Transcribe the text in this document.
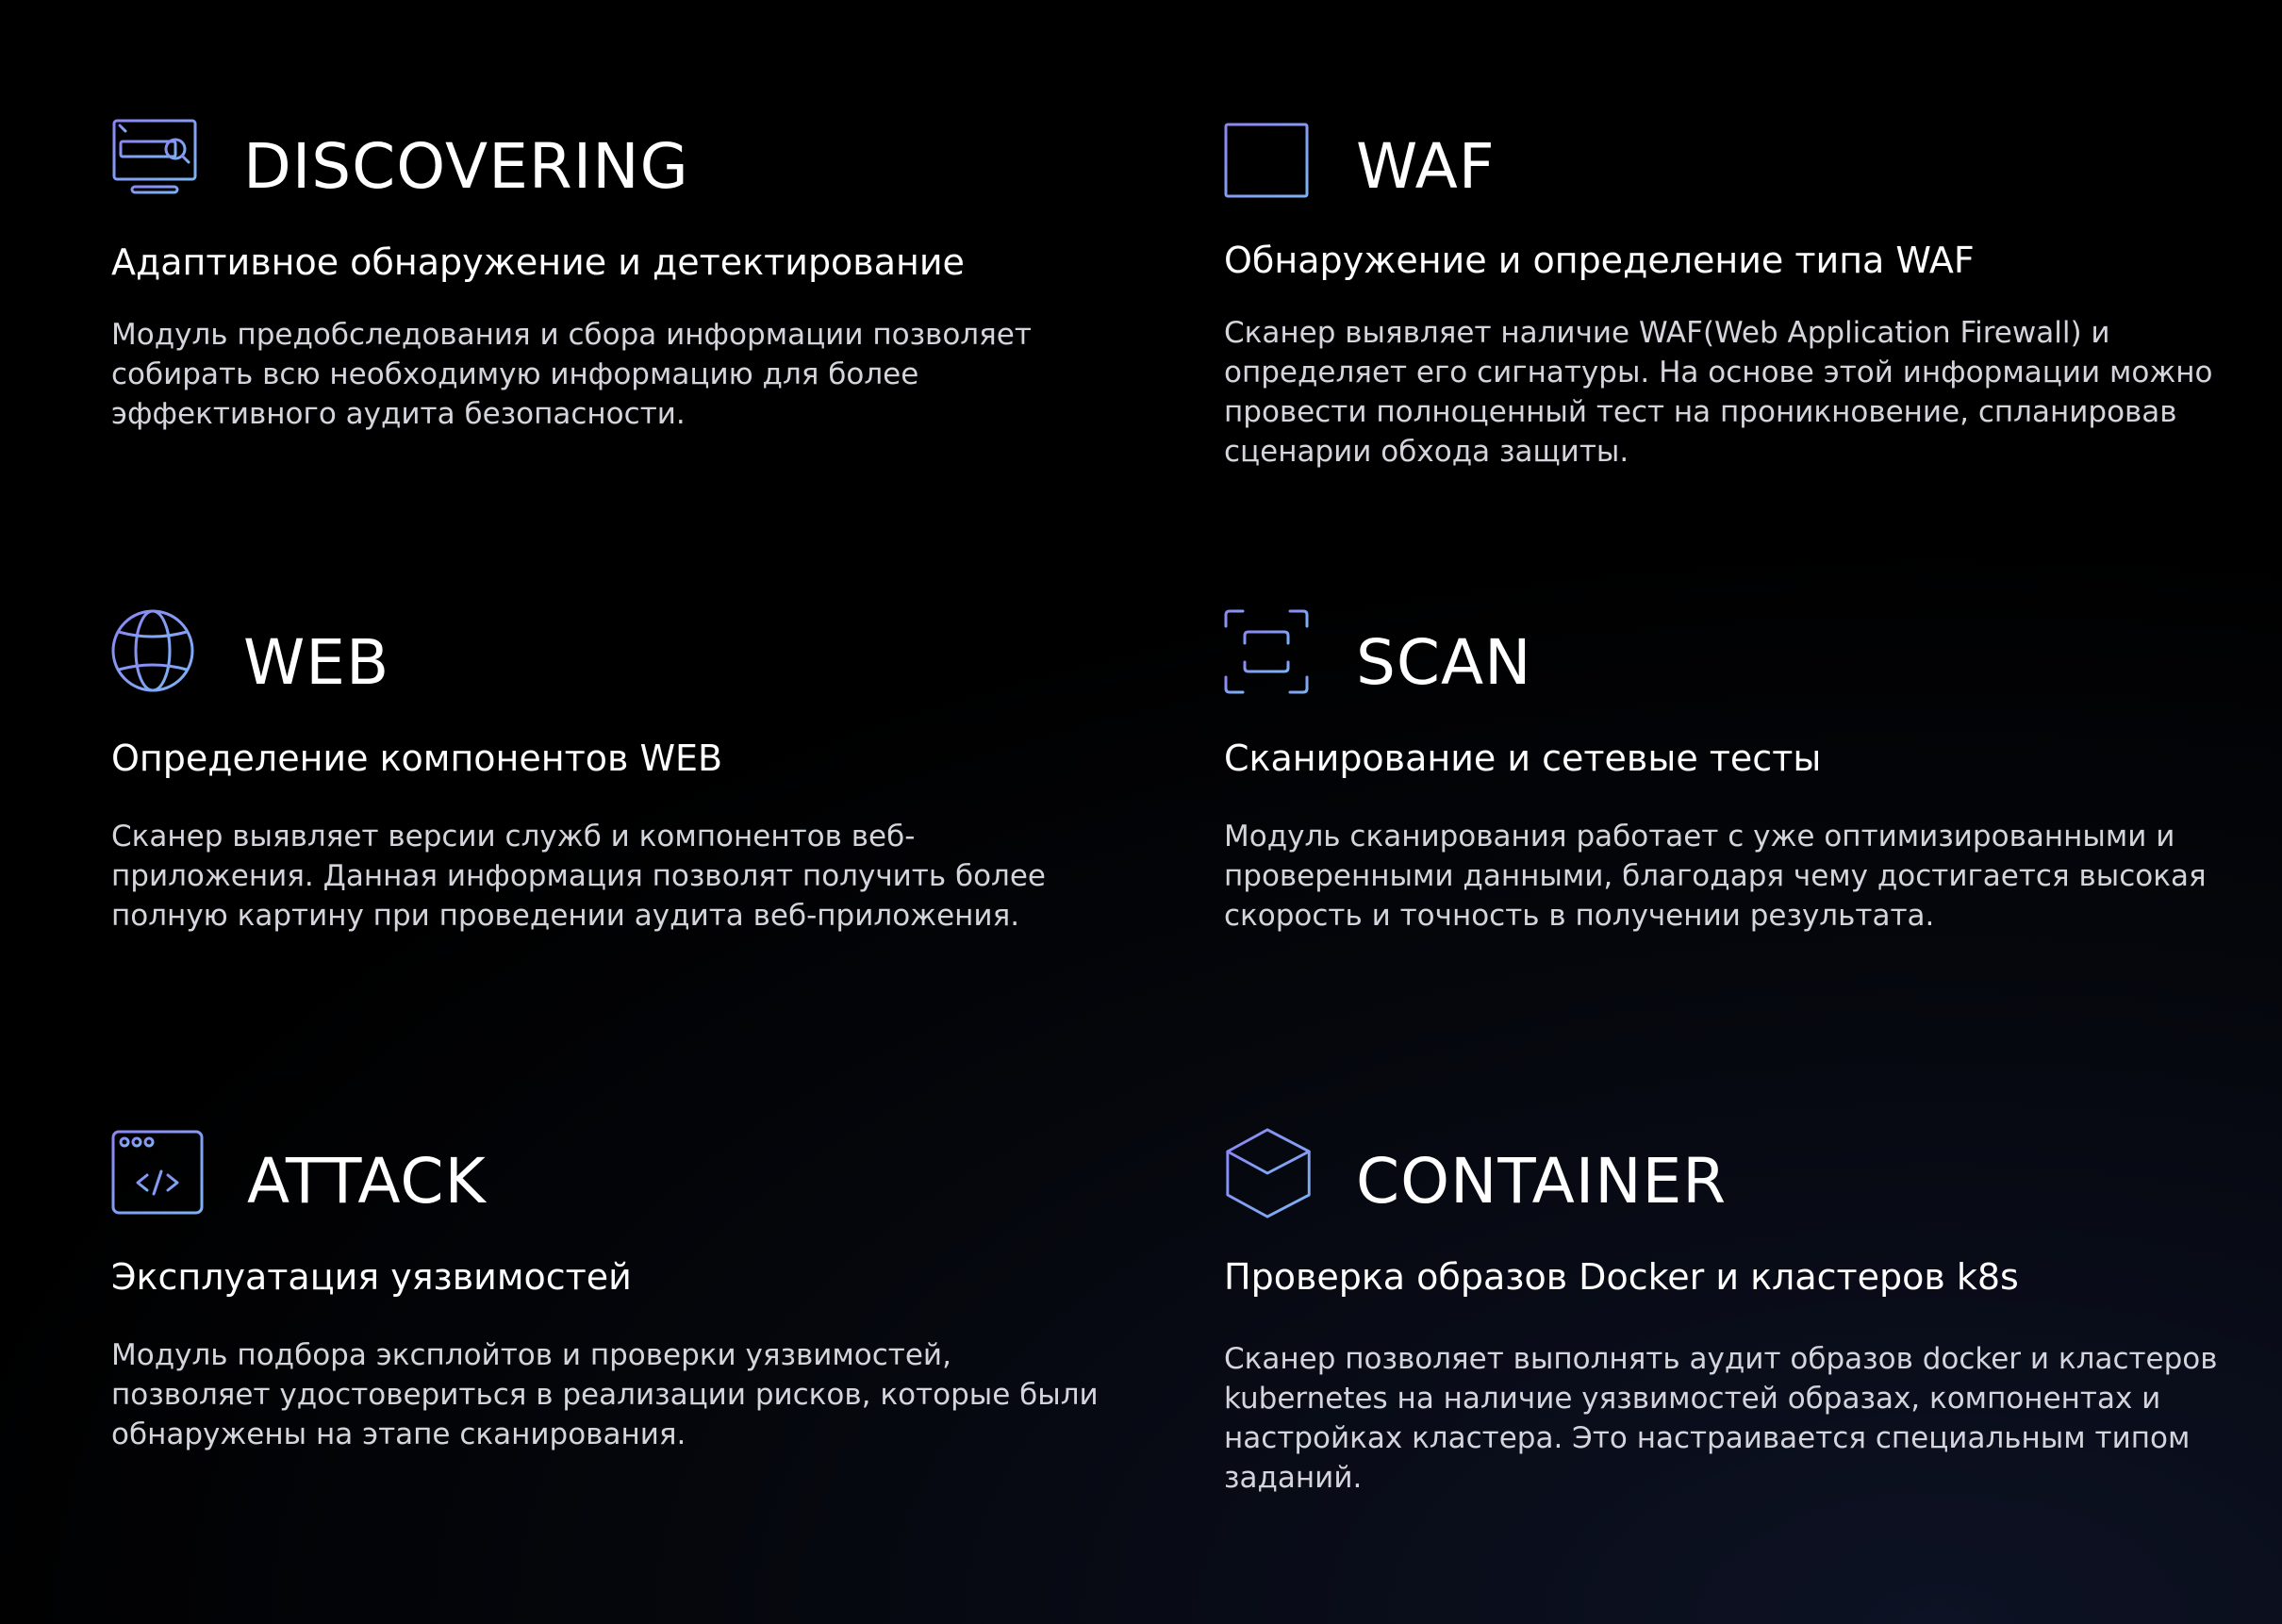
DISCOVERING
Адаптивное обнаружение и детектирование

Модуль предобследования и сбора информации позволяет собирать всю необходимую информацию для более эффективного аудита безопасности.

WAF
Обнаружение и определение типа WAF

Сканер выявляет наличие WAF(Web Application Firewall) и определяет его сигнатуры. На основе этой информации можно провести полноценный тест на проникновение, спланировав сценарии обхода защиты.

WEB
Определение компонентов WEB

Сканер выявляет версии служб и компонентов веб-приложения. Данная информация позволят получить более полную картину при проведении аудита веб-приложения.

SCAN
Сканирование и сетевые тесты

Модуль сканирования работает с уже оптимизированными и проверенными данными, благодаря чему достигается высокая скорость и точность в получении результата.

ATTACK
Эксплуатация уязвимостей

Модуль подбора эксплойтов и проверки уязвимостей, позволяет удостовериться в реализации рисков, которые были обнаружены на этапе сканирования.

CONTAINER
Проверка образов Docker и кластеров k8s

Сканер позволяет выполнять аудит образов docker и кластеров kubernetes на наличие уязвимостей образах, компонентах и настройках кластера. Это настраивается специальным типом заданий.
